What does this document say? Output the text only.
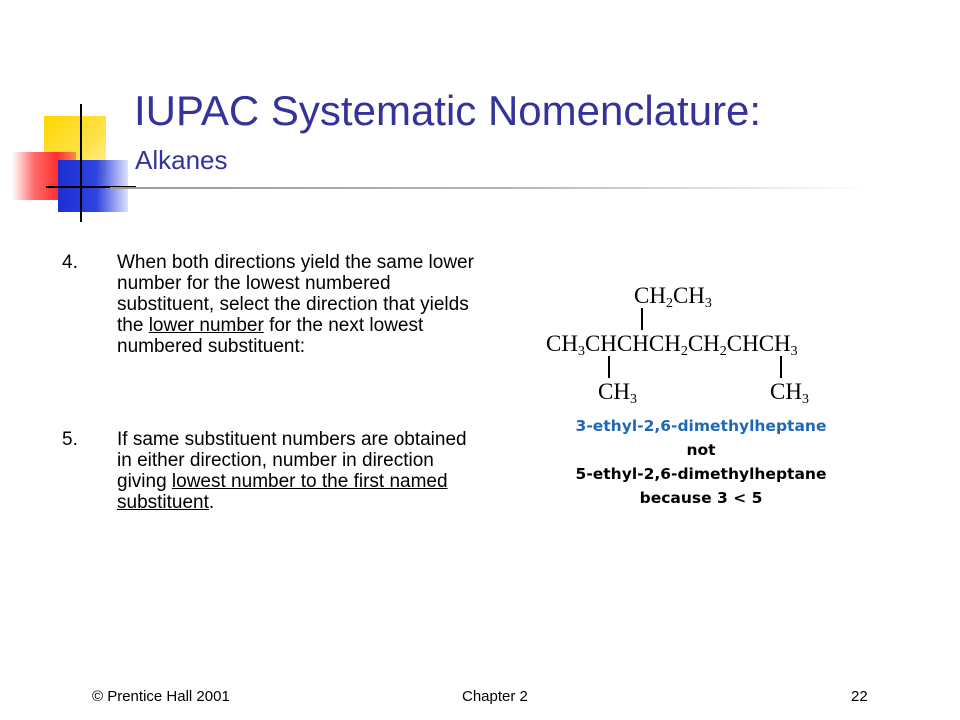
IUPAC Systematic Nomenclature:
Alkanes
4. When both directions yield the same lower number for the lowest numbered substituent, select the direction that yields the lower number for the next lowest numbered substituent:
5. If same substituent numbers are obtained in either direction, number in direction giving lowest number to the first named substituent.
$CH_2CH_3$
$CH_3CHCHCH_2CH_2CHCH_3$
$CH_3$	$CH_3$
3-ethyl-2,6-dimethylheptane
not
5-ethyl-2,6-dimethylheptane
because 3 < 5
© Prentice Hall 2001	Chapter 2	22
